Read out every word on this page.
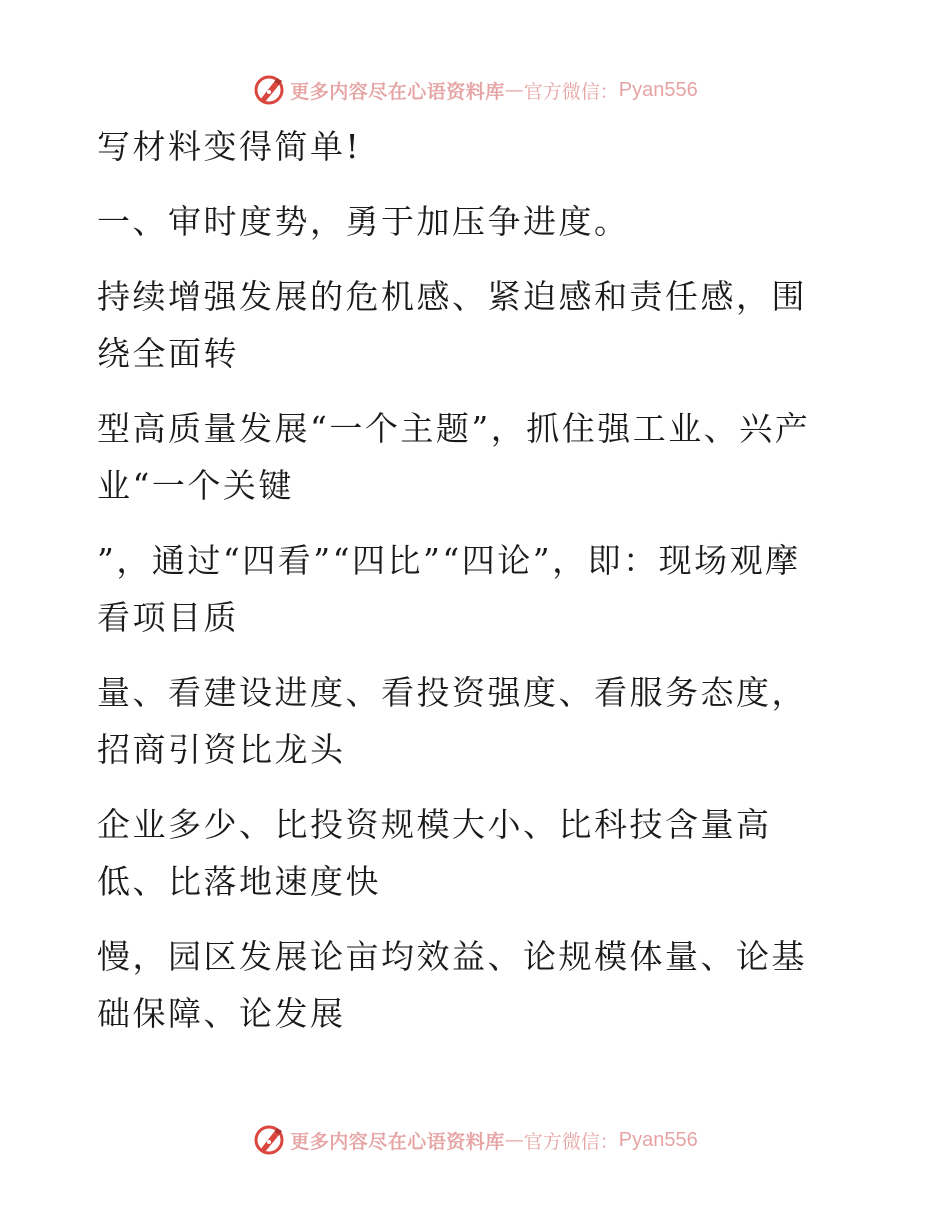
更多内容尽在心语资料库 — 官方微信： Pyan556

写材料变得简单!

一、审时度势，勇于加压争进度。

持续增强发展的危机感、紧迫感和责任感，围绕全面转

型高质量发展“一个主题”，抓住强工业、兴产业“一个关键

”，通过“四看”“四比”“四论”，即：现场观摩看项目质

量、看建设进度、看投资强度、看服务态度，招商引资比龙头

企业多少、比投资规模大小、比科技含量高低、比落地速度快

慢，园区发展论亩均效益、论规模体量、论基础保障、论发展

更多内容尽在心语资料库 — 官方微信： Pyan556
